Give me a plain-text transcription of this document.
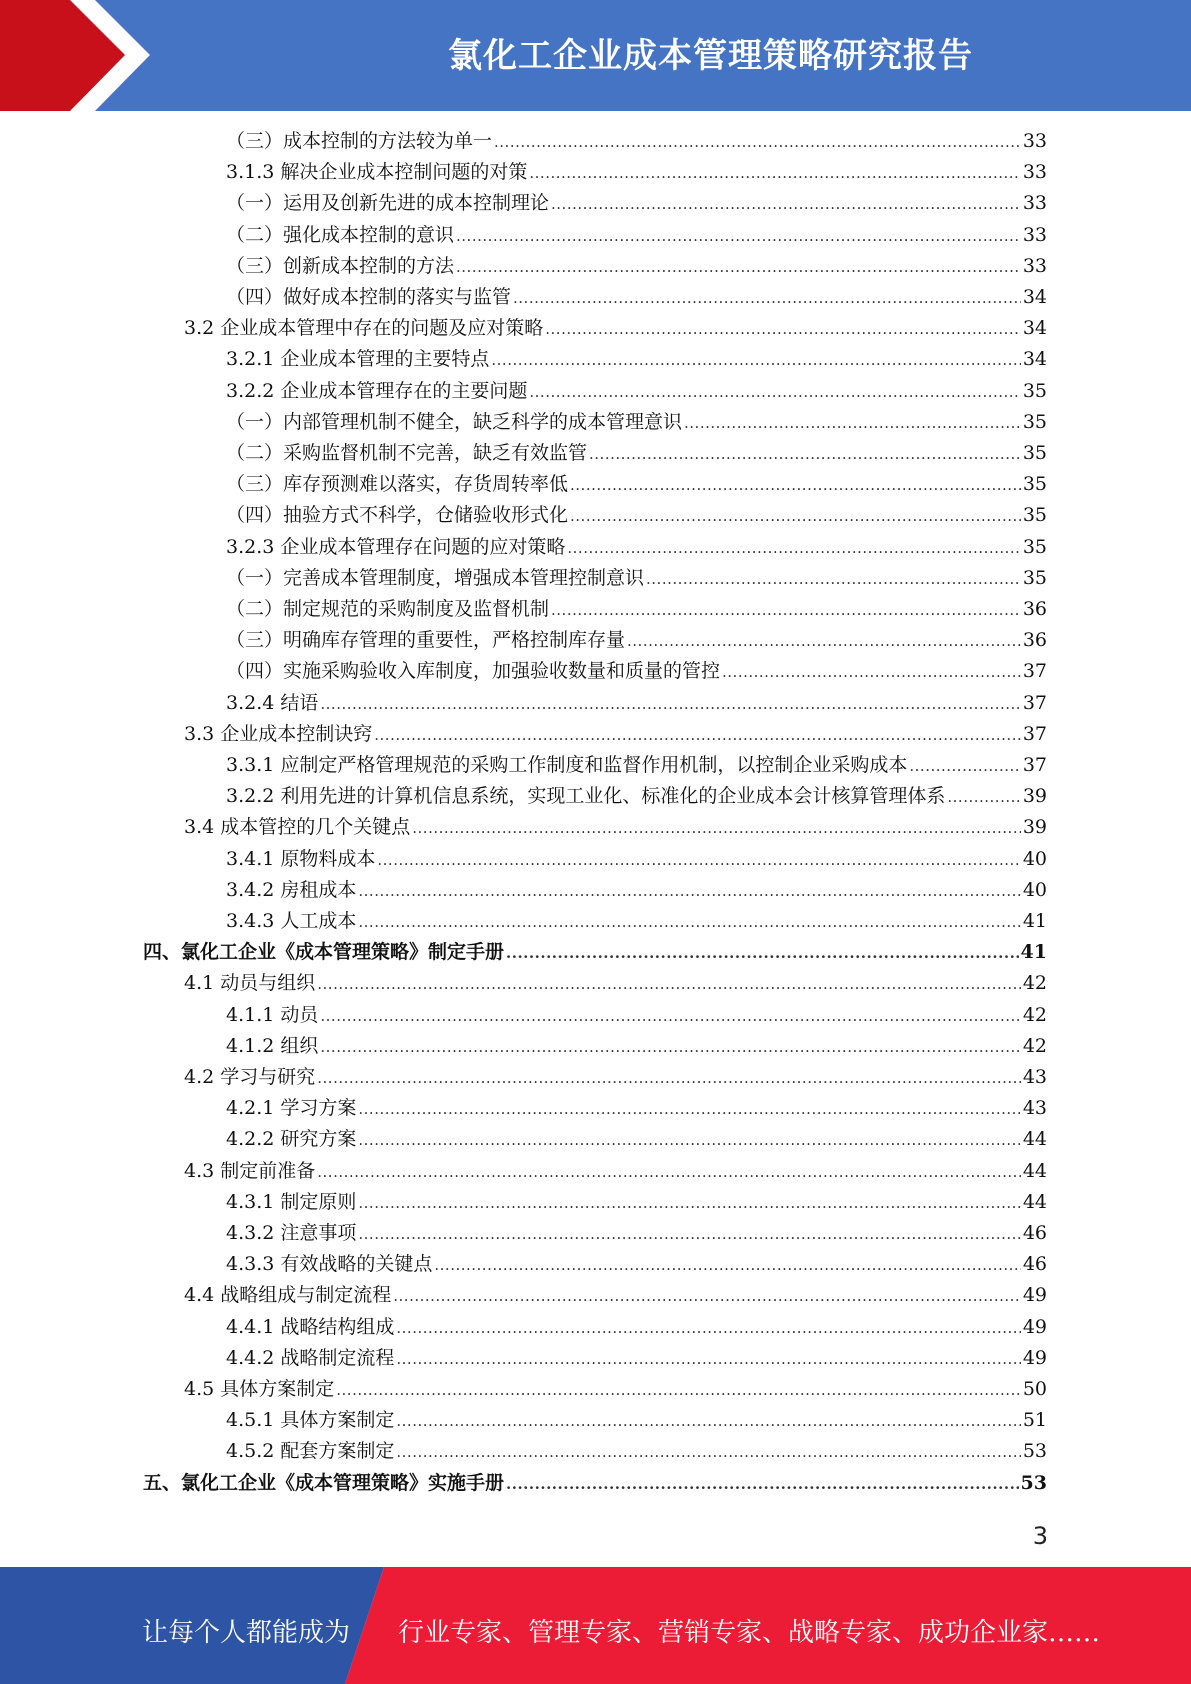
氯化工企业成本管理策略研究报告
（三）成本控制的方法较为单一 .....	33
3.1.3 解决企业成本控制问题的对策 .....	33
（一）运用及创新先进的成本控制理论 .....	33
（二）强化成本控制的意识 .....	33
（三）创新成本控制的方法 .....	33
（四）做好成本控制的落实与监管 .....	34
3.2 企业成本管理中存在的问题及应对策略 .....	34
3.2.1 企业成本管理的主要特点 .....	34
3.2.2 企业成本管理存在的主要问题 .....	35
（一）内部管理机制不健全，缺乏科学的成本管理意识 .....	35
（二）采购监督机制不完善，缺乏有效监管 .....	35
（三）库存预测难以落实，存货周转率低 .....	35
（四）抽验方式不科学，仓储验收形式化 .....	35
3.2.3 企业成本管理存在问题的应对策略 .....	35
（一）完善成本管理制度，增强成本管理控制意识 .....	35
（二）制定规范的采购制度及监督机制 .....	36
（三）明确库存管理的重要性，严格控制库存量 .....	36
（四）实施采购验收入库制度，加强验收数量和质量的管控 .....	37
3.2.4 结语 .....	37
3.3 企业成本控制诀窍 .....	37
3.3.1 应制定严格管理规范的采购工作制度和监督作用机制，以控制企业采购成本 .....	37
3.2.2 利用先进的计算机信息系统，实现工业化、标准化的企业成本会计核算管理体系 .....	39
3.4 成本管控的几个关键点 .....	39
3.4.1 原物料成本 .....	40
3.4.2 房租成本 .....	40
3.4.3 人工成本 .....	41
四、氯化工企业《成本管理策略》制定手册 .....	41
4.1 动员与组织 .....	42
4.1.1 动员 .....	42
4.1.2 组织 .....	42
4.2 学习与研究 .....	43
4.2.1 学习方案 .....	43
4.2.2 研究方案 .....	44
4.3 制定前准备 .....	44
4.3.1 制定原则 .....	44
4.3.2 注意事项 .....	46
4.3.3 有效战略的关键点 .....	46
4.4 战略组成与制定流程 .....	49
4.4.1 战略结构组成 .....	49
4.4.2 战略制定流程 .....	49
4.5 具体方案制定 .....	50
4.5.1 具体方案制定 .....	51
4.5.2 配套方案制定 .....	53
五、氯化工企业《成本管理策略》实施手册 .....	53
3
让每个人都能成为 行业专家、管理专家、营销专家、战略专家、成功企业家……
